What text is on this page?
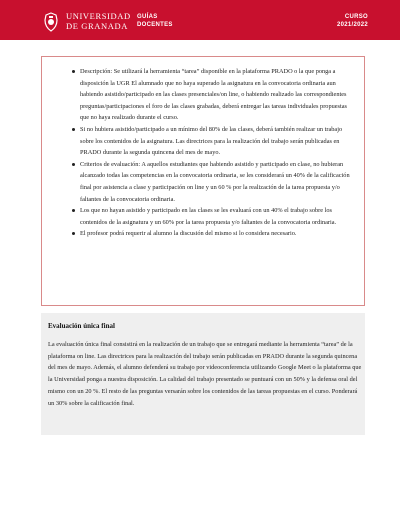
UNIVERSIDAD
DE GRANADA
GUÍAS
DOCENTES
CURSO
2021/2022
Descripción: Se utilizará la herramienta “tarea” disponible en la plataforma PRADO o la que ponga a disposición la UGR El alumnado que no haya superado la asignatura en la convocatoria ordinaria aun habiendo asistido/participado en las clases presenciales/on line, o habiendo realizado las correspondientes preguntas/participaciones el foro de las clases grabadas, deberá entregar las tareas individuales propuestas que no haya realizado durante el curso.
Si no hubiera asistido/participado a un mínimo del 80% de las clases, deberá también realizar un trabajo sobre los contenidos de la asignatura. Las directrices para la realización del trabajo serán publicadas en PRADO durante la segunda quincena del mes de mayo.
Criterios de evaluación: A aquellos estudiantes que habiendo asistido y participado en clase, no hubieran alcanzado todas las competencias en la convocatoria ordinaria, se les considerará un 40% de la calificación final por asistencia a clase y participación on line y un 60 % por la realización de la tarea propuesta y/o faltantes de la convocatoria ordinaria.
Los que no hayan asistido y participado en las clases se les evaluará con un 40% el trabajo sobre los contenidos de la asignatura y un 60% por la tarea propuesta y/o faltantes de la convocatoria ordinaria.
El profesor podrá requerir al alumno la discusión del mismo si lo considera necesario.
Evaluación única final
La evaluación única final consistirá en la realización de un trabajo que se entregará mediante la herramienta “tarea” de la plataforma on line. Las directrices para la realización del trabajo serán publicadas en PRADO durante la segunda quincena del mes de mayo. Además, el alumno defenderá su trabajo por videoconferencia utilizando Google Meet o la plataforma que la Universidad ponga a nuestra disposición. La calidad del trabajo presentado se puntuará con un 50% y la defensa oral del mismo con un 20 %. El resto de las preguntas versarán sobre los contenidos de las tareas propuestas en el curso. Ponderará un 30% sobre la calificación final.
